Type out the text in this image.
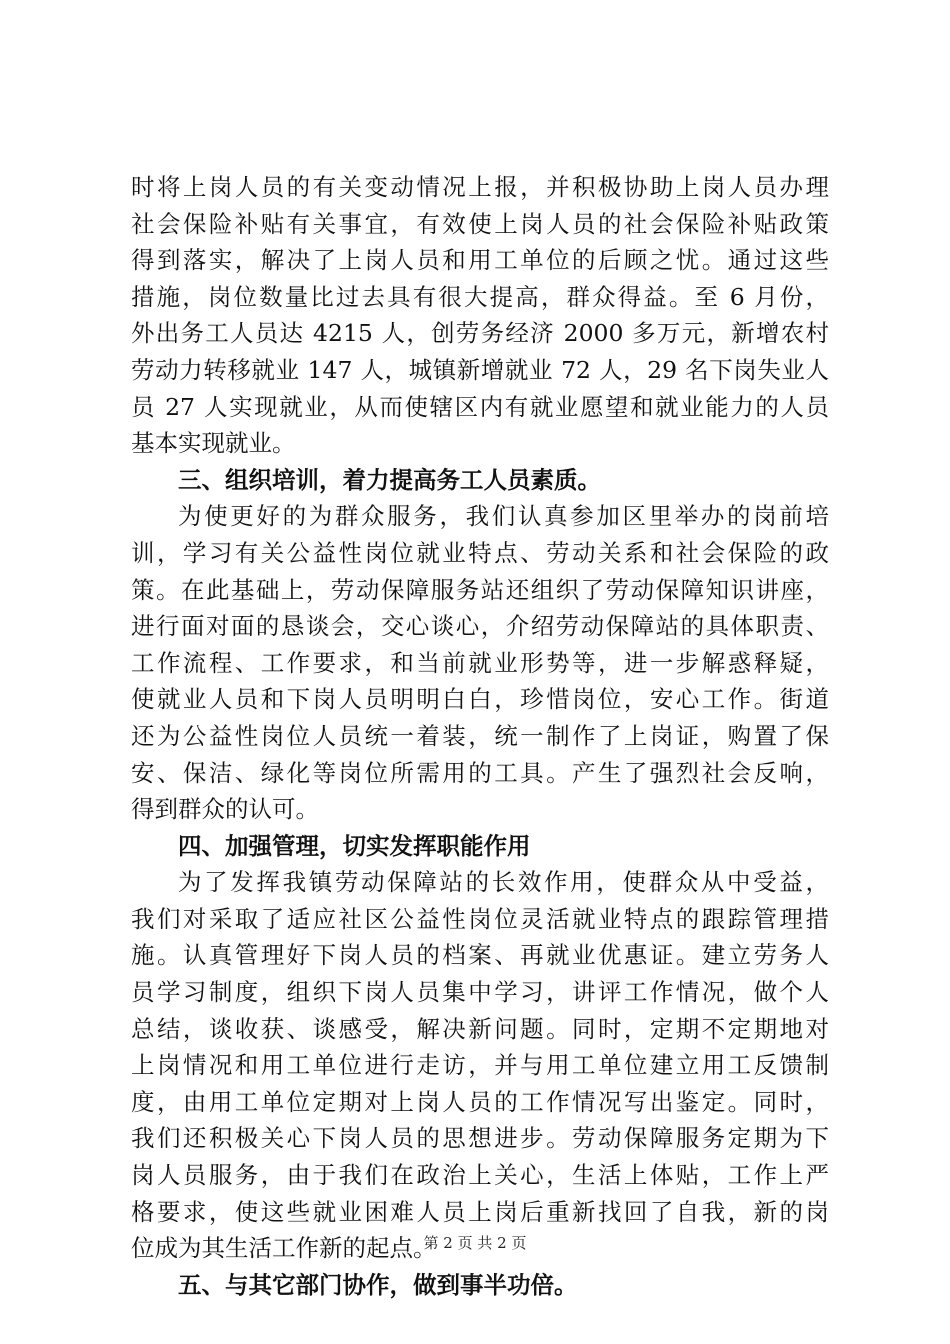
时将上岗人员的有关变动情况上报，并积极协助上岗人员办理
社会保险补贴有关事宜，有效使上岗人员的社会保险补贴政策
得到落实，解决了上岗人员和用工单位的后顾之忧。通过这些
措施，岗位数量比过去具有很大提高，群众得益。至 6 月份，
外出务工人员达 4215 人，创劳务经济 2000 多万元，新增农村
劳动力转移就业 147 人，城镇新增就业 72 人，29 名下岗失业人
员 27 人实现就业，从而使辖区内有就业愿望和就业能力的人员
基本实现就业。
三、组织培训，着力提高务工人员素质。
为使更好的为群众服务，我们认真参加区里举办的岗前培
训，学习有关公益性岗位就业特点、劳动关系和社会保险的政
策。在此基础上，劳动保障服务站还组织了劳动保障知识讲座，
进行面对面的恳谈会，交心谈心，介绍劳动保障站的具体职责、
工作流程、工作要求，和当前就业形势等，进一步解惑释疑，
使就业人员和下岗人员明明白白，珍惜岗位，安心工作。街道
还为公益性岗位人员统一着装，统一制作了上岗证，购置了保
安、保洁、绿化等岗位所需用的工具。产生了强烈社会反响，
得到群众的认可。
四、加强管理，切实发挥职能作用
为了发挥我镇劳动保障站的长效作用，使群众从中受益，
我们对采取了适应社区公益性岗位灵活就业特点的跟踪管理措
施。认真管理好下岗人员的档案、再就业优惠证。建立劳务人
员学习制度，组织下岗人员集中学习，讲评工作情况，做个人
总结，谈收获、谈感受，解决新问题。同时，定期不定期地对
上岗情况和用工单位进行走访，并与用工单位建立用工反馈制
度，由用工单位定期对上岗人员的工作情况写出鉴定。同时，
我们还积极关心下岗人员的思想进步。劳动保障服务定期为下
岗人员服务，由于我们在政治上关心，生活上体贴，工作上严
格要求，使这些就业困难人员上岗后重新找回了自我，新的岗
位成为其生活工作新的起点。
五、与其它部门协作，做到事半功倍。
第 2 页 共 2 页
